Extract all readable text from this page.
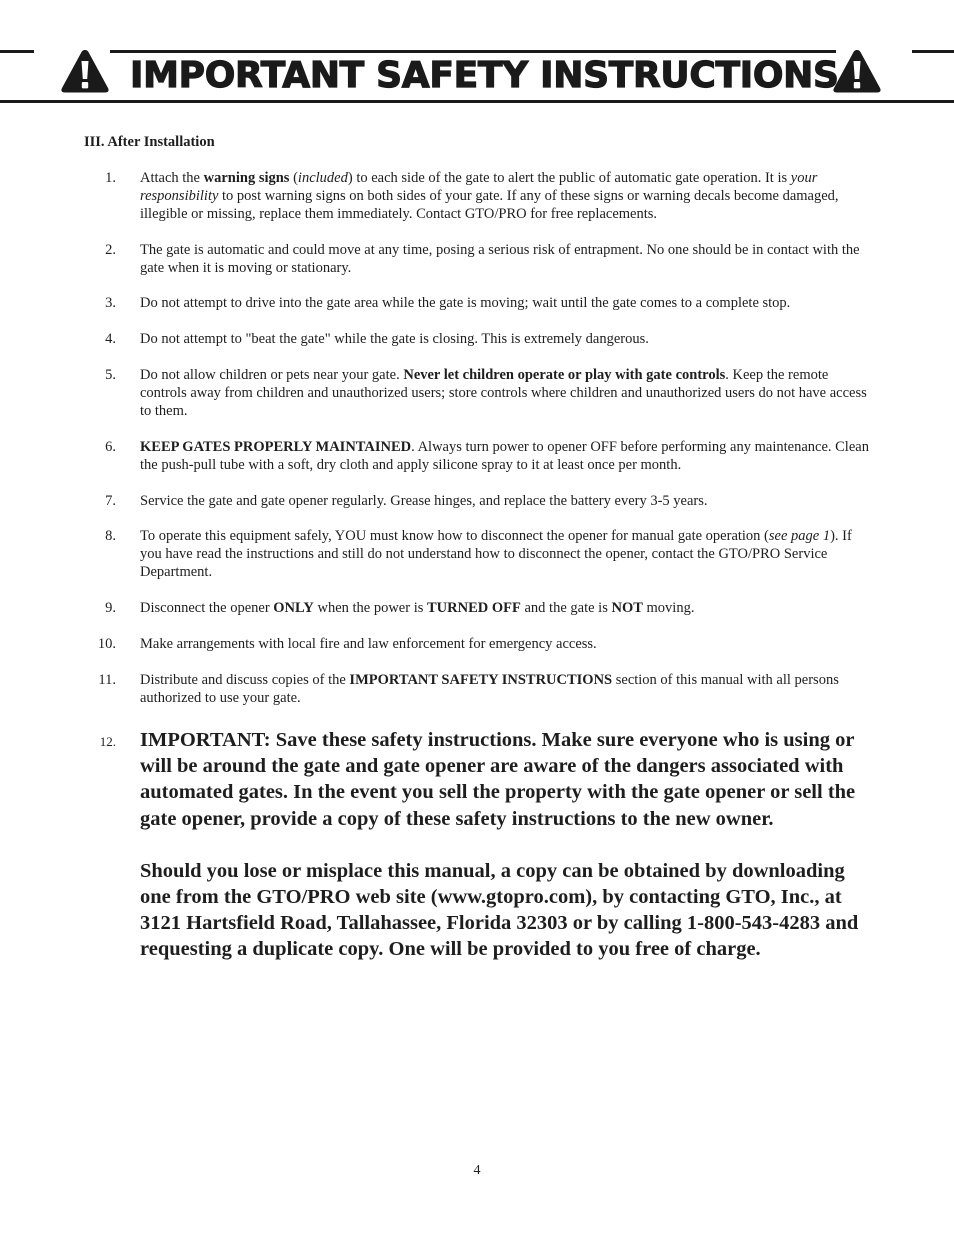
IMPORTANT SAFETY INSTRUCTIONS
III. After Installation
1. Attach the warning signs (included) to each side of the gate to alert the public of automatic gate operation. It is your responsibility to post warning signs on both sides of your gate. If any of these signs or warning decals become damaged, illegible or missing, replace them immediately. Contact GTO/PRO for free replacements.
2. The gate is automatic and could move at any time, posing a serious risk of entrapment. No one should be in contact with the gate when it is moving or stationary.
3. Do not attempt to drive into the gate area while the gate is moving; wait until the gate comes to a complete stop.
4. Do not attempt to "beat the gate" while the gate is closing. This is extremely dangerous.
5. Do not allow children or pets near your gate. Never let children operate or play with gate controls. Keep the remote controls away from children and unauthorized users; store controls where children and unauthorized users do not have access to them.
6. KEEP GATES PROPERLY MAINTAINED. Always turn power to opener OFF before performing any maintenance. Clean the push-pull tube with a soft, dry cloth and apply silicone spray to it at least once per month.
7. Service the gate and gate opener regularly. Grease hinges, and replace the battery every 3-5 years.
8. To operate this equipment safely, YOU must know how to disconnect the opener for manual gate operation (see page 1). If you have read the instructions and still do not understand how to disconnect the opener, contact the GTO/PRO Service Department.
9. Disconnect the opener ONLY when the power is TURNED OFF and the gate is NOT moving.
10. Make arrangements with local fire and law enforcement for emergency access.
11. Distribute and discuss copies of the IMPORTANT SAFETY INSTRUCTIONS section of this manual with all persons authorized to use your gate.
12. IMPORTANT: Save these safety instructions. Make sure everyone who is using or will be around the gate and gate opener are aware of the dangers associated with automated gates. In the event you sell the property with the gate opener or sell the gate opener, provide a copy of these safety instructions to the new owner.
Should you lose or misplace this manual, a copy can be obtained by downloading one from the GTO/PRO web site (www.gtopro.com), by contacting GTO, Inc., at 3121 Hartsfield Road, Tallahassee, Florida 32303 or by calling 1-800-543-4283 and requesting a duplicate copy. One will be provided to you free of charge.
4
